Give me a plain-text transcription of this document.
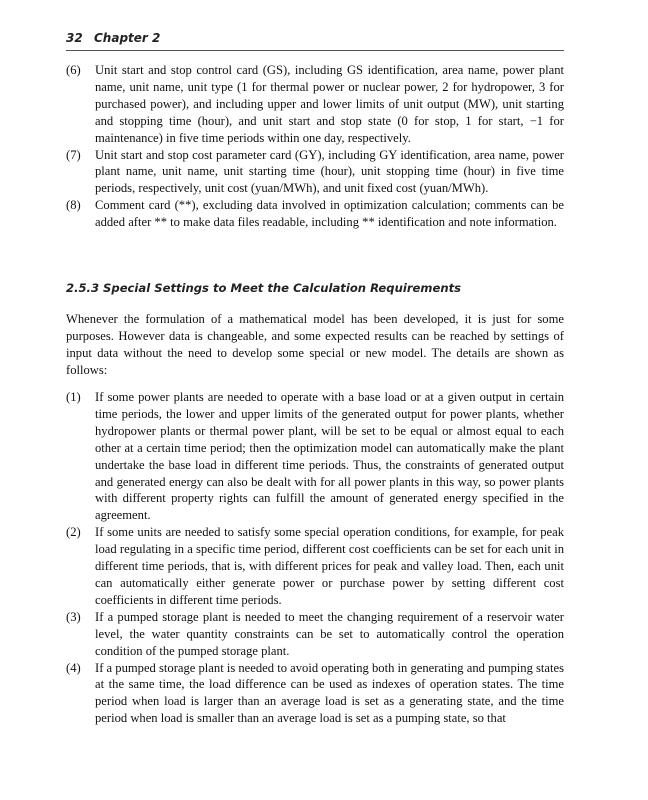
32 Chapter 2
(6) Unit start and stop control card (GS), including GS identification, area name, power plant name, unit name, unit type (1 for thermal power or nuclear power, 2 for hydropower, 3 for purchased power), and including upper and lower limits of unit output (MW), unit starting and stopping time (hour), and unit start and stop state (0 for stop, 1 for start, −1 for maintenance) in five time periods within one day, respectively.
(7) Unit start and stop cost parameter card (GY), including GY identification, area name, power plant name, unit name, unit starting time (hour), unit stopping time (hour) in five time periods, respectively, unit cost (yuan/MWh), and unit fixed cost (yuan/MWh).
(8) Comment card (**), excluding data involved in optimization calculation; comments can be added after ** to make data files readable, including ** identification and note information.
2.5.3 Special Settings to Meet the Calculation Requirements

Whenever the formulation of a mathematical model has been developed, it is just for some purposes. However data is changeable, and some expected results can be reached by settings of input data without the need to develop some special or new model. The details are shown as follows:

(1) If some power plants are needed to operate with a base load or at a given output in certain time periods, the lower and upper limits of the generated output for power plants, whether hydropower plants or thermal power plant, will be set to be equal or almost equal to each other at a certain time period; then the optimization model can automatically make the plant undertake the base load in different time periods. Thus, the constraints of generated output and generated energy can also be dealt with for all power plants in this way, so power plants with different property rights can fulfill the amount of generated energy specified in the agreement.
(2) If some units are needed to satisfy some special operation conditions, for example, for peak load regulating in a specific time period, different cost coefficients can be set for each unit in different time periods, that is, with different prices for peak and valley load. Then, each unit can automatically either generate power or purchase power by setting different cost coefficients in different time periods.
(3) If a pumped storage plant is needed to meet the changing requirement of a reservoir water level, the water quantity constraints can be set to automatically control the operation condition of the pumped storage plant.
(4) If a pumped storage plant is needed to avoid operating both in generating and pumping states at the same time, the load difference can be used as indexes of operation states. The time period when load is larger than an average load is set as a generating state, and the time period when load is smaller than an average load is set as a pumping state, so that
